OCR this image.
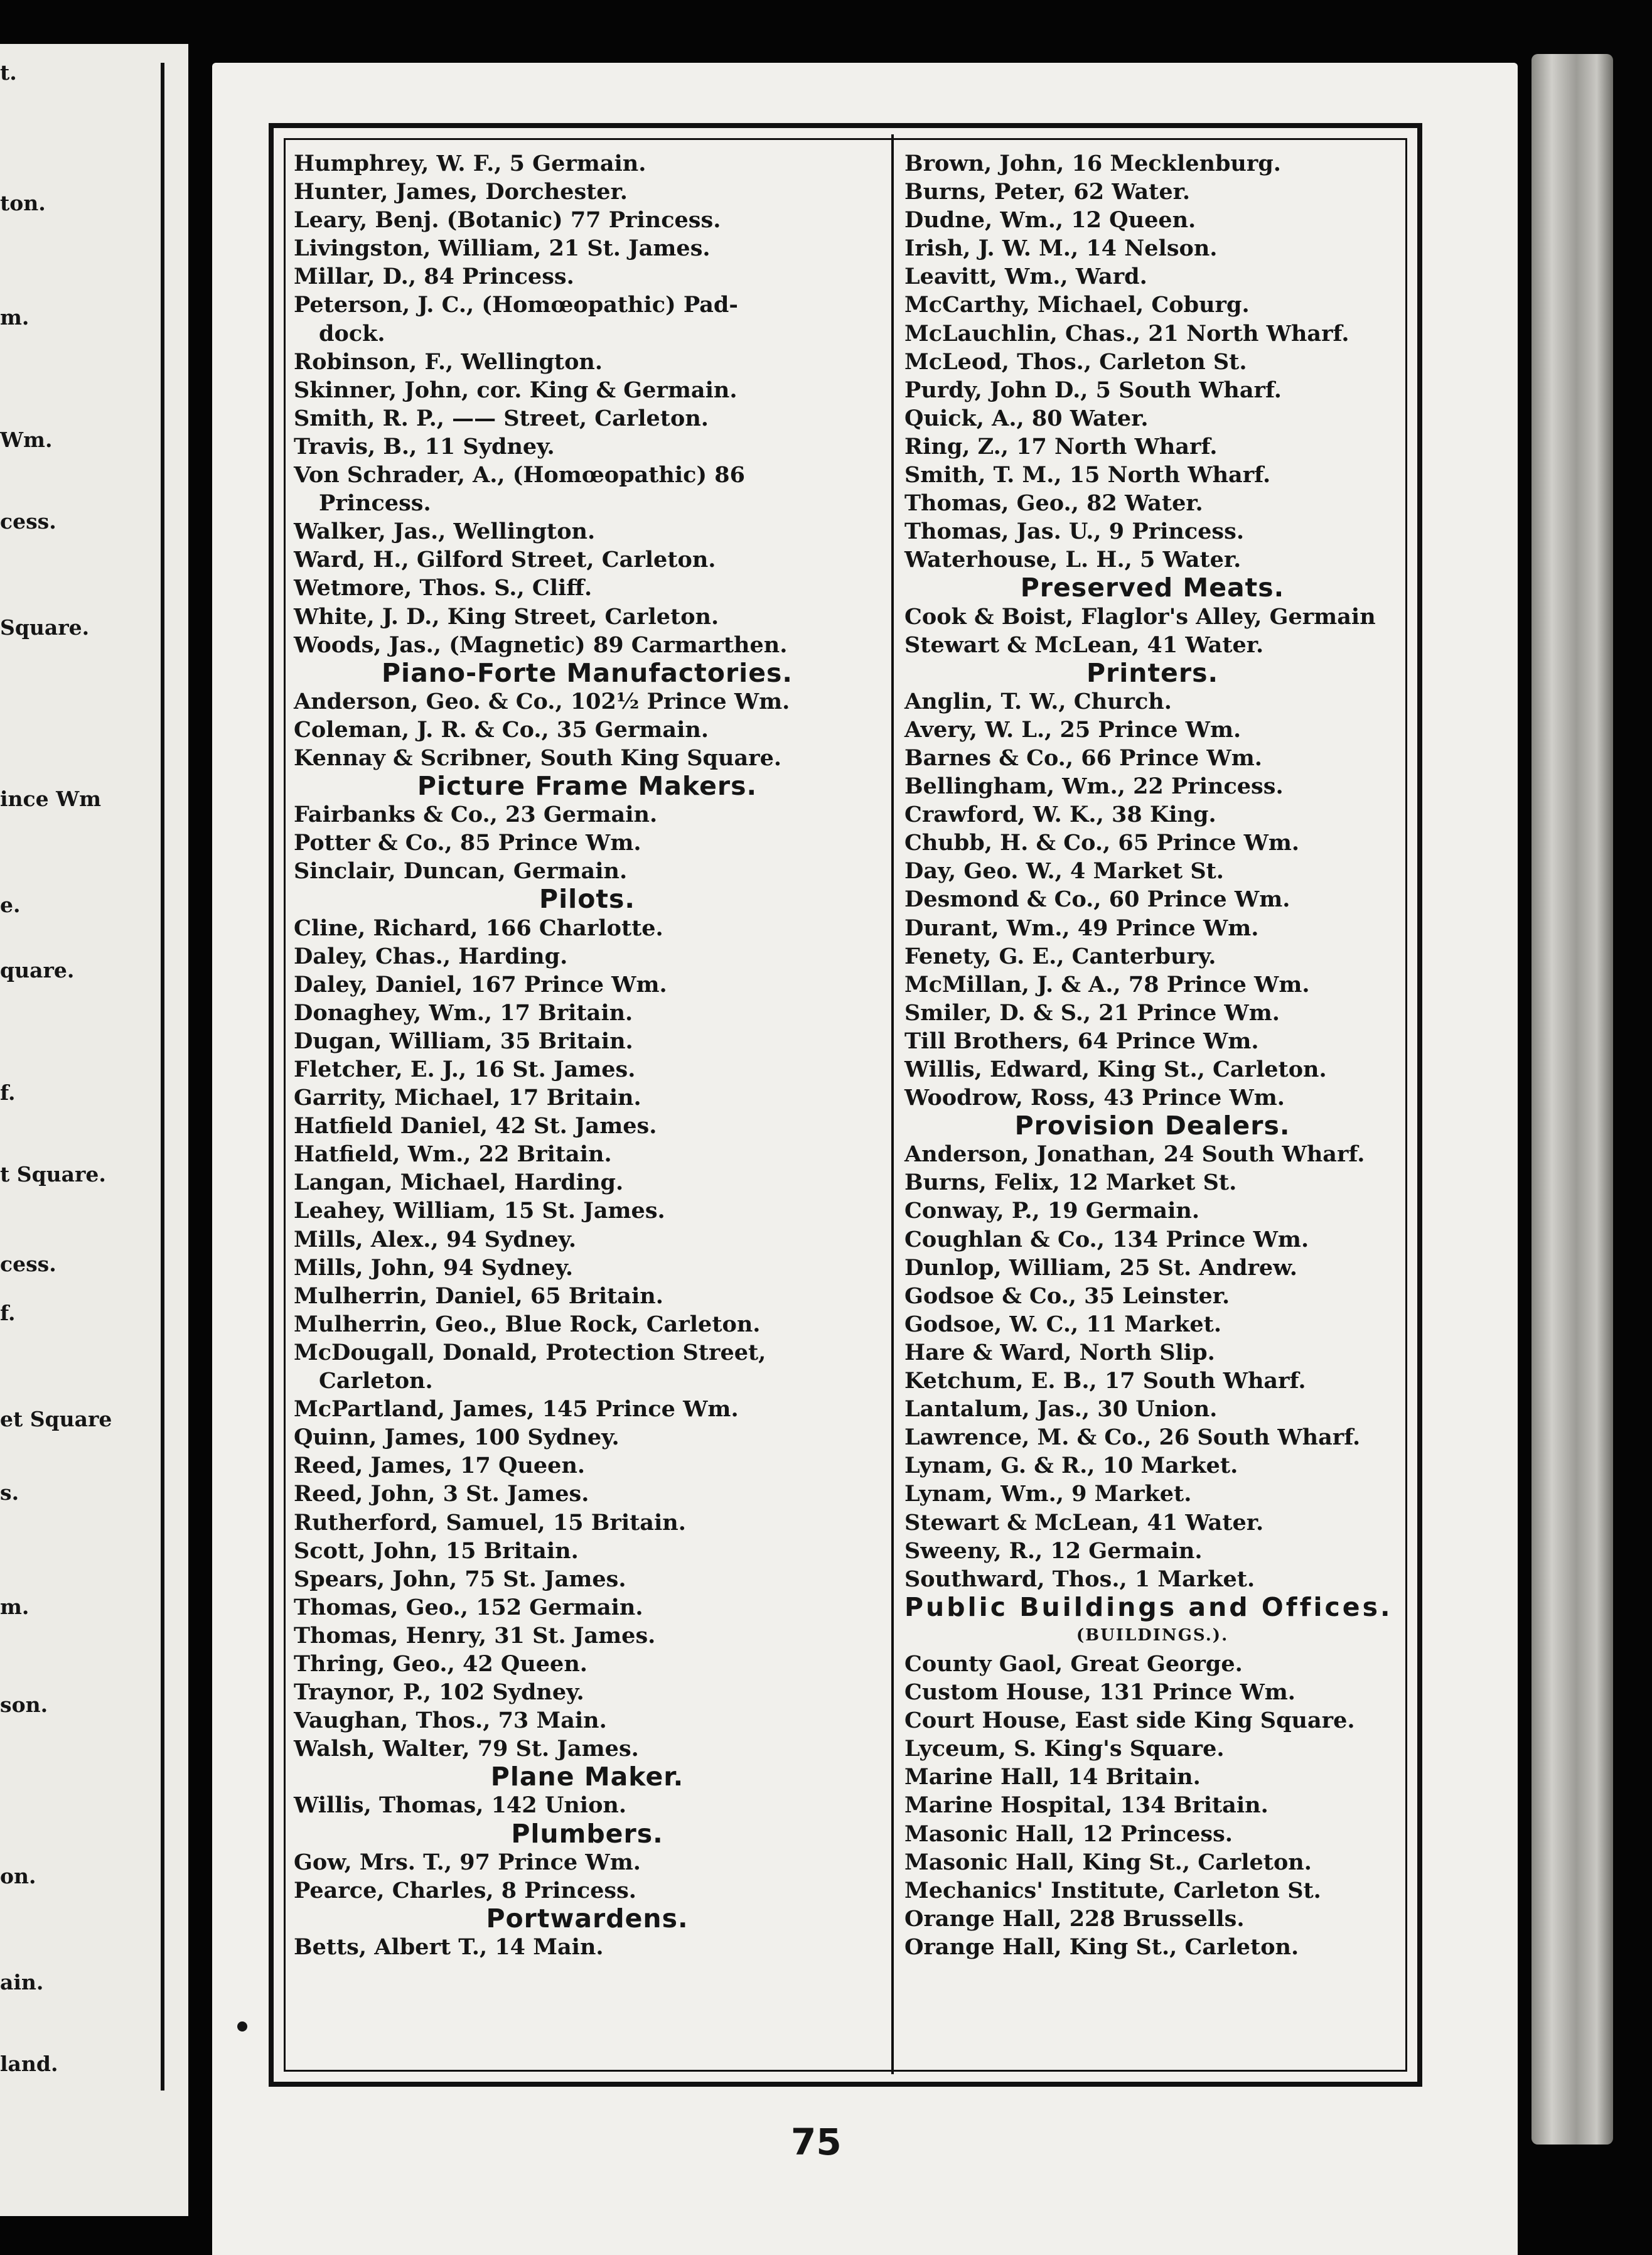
t.
ton.
m.
Wm.
cess.
Square.
ince Wm
e.
quare.
f.
t Square.
cess.
f.
et Square
s.
m.
son.
on.
ain.
land.
Humphrey, W. F., 5 Germain.
Hunter, James, Dorchester.
Leary, Benj. (Botanic) 77 Princess.
Livingston, William, 21 St. James.
Millar, D., 84 Princess.
Peterson, J. C., (Homœopathic) Pad-
dock.
Robinson, F., Wellington.
Skinner, John, cor. King & Germain.
Smith, R. P., —— Street, Carleton.
Travis, B., 11 Sydney.
Von Schrader, A., (Homœopathic) 86
Princess.
Walker, Jas., Wellington.
Ward, H., Gilford Street, Carleton.
Wetmore, Thos. S., Cliff.
White, J. D., King Street, Carleton.
Woods, Jas., (Magnetic) 89 Carmarthen.
Piano-Forte Manufactories.
Anderson, Geo. & Co., 102½ Prince Wm.
Coleman, J. R. & Co., 35 Germain.
Kennay & Scribner, South King Square.
Picture Frame Makers.
Fairbanks & Co., 23 Germain.
Potter & Co., 85 Prince Wm.
Sinclair, Duncan, Germain.
Pilots.
Cline, Richard, 166 Charlotte.
Daley, Chas., Harding.
Daley, Daniel, 167 Prince Wm.
Donaghey, Wm., 17 Britain.
Dugan, William, 35 Britain.
Fletcher, E. J., 16 St. James.
Garrity, Michael, 17 Britain.
Hatfield Daniel, 42 St. James.
Hatfield, Wm., 22 Britain.
Langan, Michael, Harding.
Leahey, William, 15 St. James.
Mills, Alex., 94 Sydney.
Mills, John, 94 Sydney.
Mulherrin, Daniel, 65 Britain.
Mulherrin, Geo., Blue Rock, Carleton.
McDougall, Donald, Protection Street,
Carleton.
McPartland, James, 145 Prince Wm.
Quinn, James, 100 Sydney.
Reed, James, 17 Queen.
Reed, John, 3 St. James.
Rutherford, Samuel, 15 Britain.
Scott, John, 15 Britain.
Spears, John, 75 St. James.
Thomas, Geo., 152 Germain.
Thomas, Henry, 31 St. James.
Thring, Geo., 42 Queen.
Traynor, P., 102 Sydney.
Vaughan, Thos., 73 Main.
Walsh, Walter, 79 St. James.
Plane Maker.
Willis, Thomas, 142 Union.
Plumbers.
Gow, Mrs. T., 97 Prince Wm.
Pearce, Charles, 8 Princess.
Portwardens.
Betts, Albert T., 14 Main.
Brown, John, 16 Mecklenburg.
Burns, Peter, 62 Water.
Dudne, Wm., 12 Queen.
Irish, J. W. M., 14 Nelson.
Leavitt, Wm., Ward.
McCarthy, Michael, Coburg.
McLauchlin, Chas., 21 North Wharf.
McLeod, Thos., Carleton St.
Purdy, John D., 5 South Wharf.
Quick, A., 80 Water.
Ring, Z., 17 North Wharf.
Smith, T. M., 15 North Wharf.
Thomas, Geo., 82 Water.
Thomas, Jas. U., 9 Princess.
Waterhouse, L. H., 5 Water.
Preserved Meats.
Cook & Boist, Flaglor's Alley, Germain
Stewart & McLean, 41 Water.
Printers.
Anglin, T. W., Church.
Avery, W. L., 25 Prince Wm.
Barnes & Co., 66 Prince Wm.
Bellingham, Wm., 22 Princess.
Crawford, W. K., 38 King.
Chubb, H. & Co., 65 Prince Wm.
Day, Geo. W., 4 Market St.
Desmond & Co., 60 Prince Wm.
Durant, Wm., 49 Prince Wm.
Fenety, G. E., Canterbury.
McMillan, J. & A., 78 Prince Wm.
Smiler, D. & S., 21 Prince Wm.
Till Brothers, 64 Prince Wm.
Willis, Edward, King St., Carleton.
Woodrow, Ross, 43 Prince Wm.
Provision Dealers.
Anderson, Jonathan, 24 South Wharf.
Burns, Felix, 12 Market St.
Conway, P., 19 Germain.
Coughlan & Co., 134 Prince Wm.
Dunlop, William, 25 St. Andrew.
Godsoe & Co., 35 Leinster.
Godsoe, W. C., 11 Market.
Hare & Ward, North Slip.
Ketchum, E. B., 17 South Wharf.
Lantalum, Jas., 30 Union.
Lawrence, M. & Co., 26 South Wharf.
Lynam, G. & R., 10 Market.
Lynam, Wm., 9 Market.
Stewart & McLean, 41 Water.
Sweeny, R., 12 Germain.
Southward, Thos., 1 Market.
Public Buildings and Offices.
(BUILDINGS.).
County Gaol, Great George.
Custom House, 131 Prince Wm.
Court House, East side King Square.
Lyceum, S. King's Square.
Marine Hall, 14 Britain.
Marine Hospital, 134 Britain.
Masonic Hall, 12 Princess.
Masonic Hall, King St., Carleton.
Mechanics' Institute, Carleton St.
Orange Hall, 228 Brussells.
Orange Hall, King St., Carleton.
75
